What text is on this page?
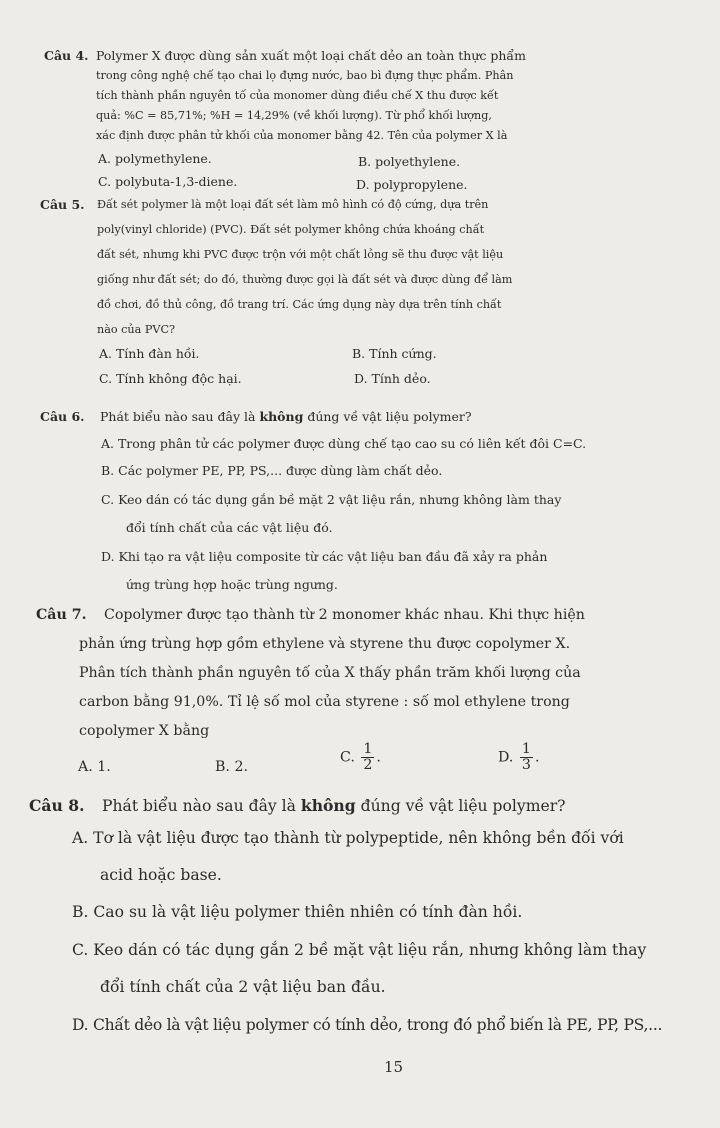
Câu 4. Polymer X được dùng sản xuất một loại chất dẻo an toàn thực phẩm
trong công nghệ chế tạo chai lọ đựng nước, bao bì đựng thực phẩm. Phân
tích thành phần nguyên tố của monomer dùng điều chế X thu được kết
quả: %C = 85,71%; %H = 14,29% (về khối lượng). Từ phổ khối lượng,
xác định được phân tử khối của monomer bằng 42. Tên của polymer X là
A. polymethylene.	B. polyethylene.
C. polybuta-1,3-diene.	D. polypropylene.
Câu 5. Đất sét polymer là một loại đất sét làm mô hình có độ cứng, dựa trên
poly(vinyl chloride) (PVC). Đất sét polymer không chứa khoáng chất
đất sét, nhưng khi PVC được trộn với một chất lỏng sẽ thu được vật liệu
giống như đất sét; do đó, thường được gọi là đất sét và được dùng để làm
đồ chơi, đồ thủ công, đồ trang trí. Các ứng dụng này dựa trên tính chất
nào của PVC?
A. Tính đàn hồi.	B. Tính cứng.
C. Tính không độc hại.	D. Tính dẻo.
Câu 6. Phát biểu nào sau đây là không đúng về vật liệu polymer?
A. Trong phân tử các polymer được dùng chế tạo cao su có liên kết đôi C=C.
B. Các polymer PE, PP, PS,... được dùng làm chất dẻo.
C. Keo dán có tác dụng gắn bề mặt 2 vật liệu rắn, nhưng không làm thay
đổi tính chất của các vật liệu đó.
D. Khi tạo ra vật liệu composite từ các vật liệu ban đầu đã xảy ra phản
ứng trùng hợp hoặc trùng ngưng.
Câu 7. Copolymer được tạo thành từ 2 monomer khác nhau. Khi thực hiện
phản ứng trùng hợp gồm ethylene và styrene thu được copolymer X.
Phân tích thành phần nguyên tố của X thấy phần trăm khối lượng của
carbon bằng 91,0%. Tỉ lệ số mol của styrene : số mol ethylene trong
copolymer X bằng
A. 1.	B. 2.
C. $\frac{1}{2}$ .	D. $\frac{1}{3}$ .
Câu 8. Phát biểu nào sau đây là không đúng về vật liệu polymer?
A. Tơ là vật liệu được tạo thành từ polypeptide, nên không bền đối với
acid hoặc base.
B. Cao su là vật liệu polymer thiên nhiên có tính đàn hồi.
C. Keo dán có tác dụng gắn 2 bề mặt vật liệu rắn, nhưng không làm thay
đổi tính chất của 2 vật liệu ban đầu.
D. Chất dẻo là vật liệu polymer có tính dẻo, trong đó phổ biến là PE, PP, PS,...
15
